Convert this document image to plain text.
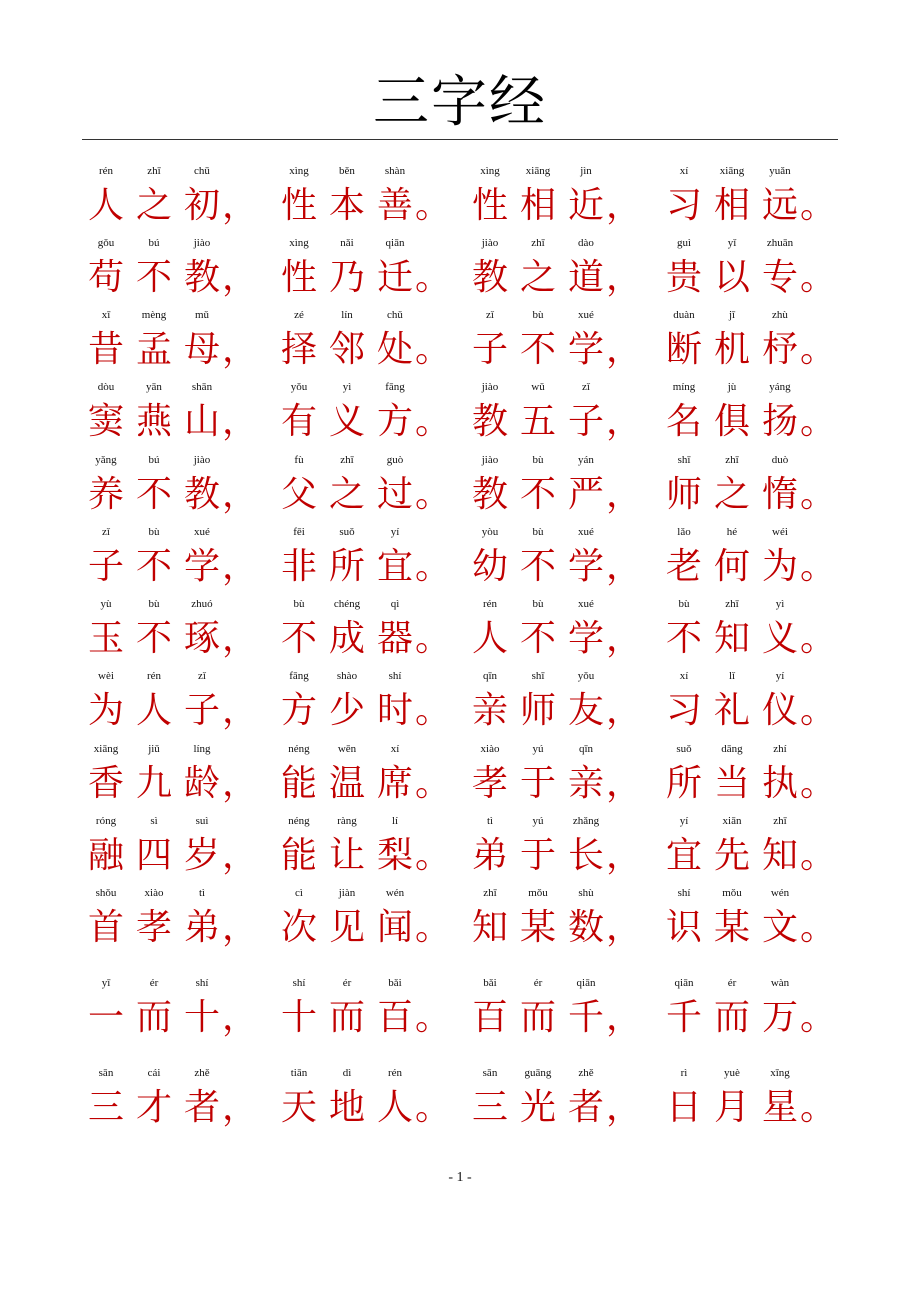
三字经
rén
人
zhī
之
chū
初 ，
xìng
性
běn
本
shàn
善 。
xìng
性
xiāng
相
jìn
近 ，
xí
习
xiāng
相
yuǎn
远 。
gǒu
苟
bú
不
jiào
教 ，
xìng
性
nǎi
乃
qiān
迁 。
jiào
教
zhī
之
dào
道 ，
guì
贵
yǐ
以
zhuān
专 。
xī
昔
mèng
孟
mǔ
母 ，
zé
择
lín
邻
chǔ
处 。
zǐ
子
bù
不
xué
学 ，
duàn
断
jī
机
zhù
杼 。
dòu
窦
yān
燕
shān
山 ，
yǒu
有
yì
义
fāng
方 。
jiào
教
wǔ
五
zǐ
子 ，
míng
名
jù
俱
yáng
扬 。
yǎng
养
bú
不
jiào
教 ，
fù
父
zhī
之
guò
过 。
jiào
教
bù
不
yán
严 ，
shī
师
zhī
之
duò
惰 。
zǐ
子
bù
不
xué
学 ，
fēi
非
suǒ
所
yí
宜 。
yòu
幼
bù
不
xué
学 ，
lǎo
老
hé
何
wéi
为 。
yù
玉
bù
不
zhuó
琢 ，
bù
不
chéng
成
qì
器 。
rén
人
bù
不
xué
学 ，
bù
不
zhī
知
yì
义 。
wèi
为
rén
人
zǐ
子 ，
fāng
方
shào
少
shí
时 。
qīn
亲
shī
师
yǒu
友 ，
xí
习
lǐ
礼
yí
仪 。
xiāng
香
jiǔ
九
líng
龄 ，
néng
能
wēn
温
xí
席 。
xiào
孝
yú
于
qīn
亲 ，
suǒ
所
dāng
当
zhí
执 。
róng
融
sì
四
suì
岁 ，
néng
能
ràng
让
lí
梨 。
tì
弟
yú
于
zhǎng
长 ，
yí
宜
xiān
先
zhī
知 。
shǒu
首
xiào
孝
tì
弟 ，
cì
次
jiàn
见
wén
闻 。
zhī
知
mǒu
某
shù
数 ，
shí
识
mǒu
某
wén
文 。
yī
一
ér
而
shí
十 ，
shí
十
ér
而
bǎi
百 。
bǎi
百
ér
而
qiān
千 ，
qiān
千
ér
而
wàn
万 。
sān
三
cái
才
zhě
者 ，
tiān
天
dì
地
rén
人 。
sān
三
guāng
光
zhě
者 ，
rì
日
yuè
月
xīng
星 。
- 1 -
